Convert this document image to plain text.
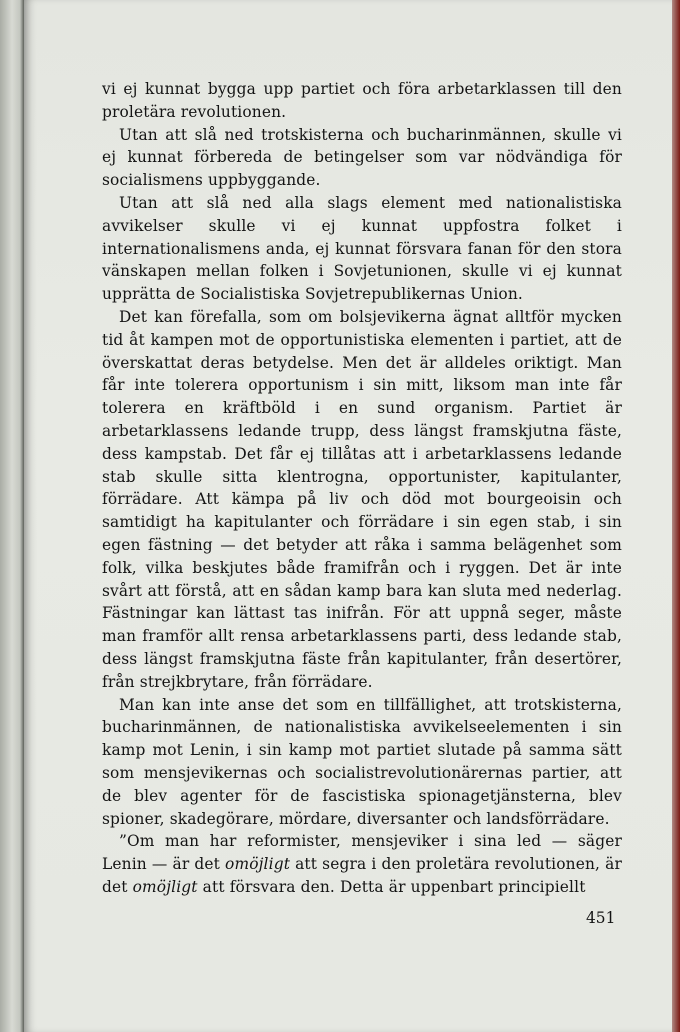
vi ej kunnat bygga upp partiet och föra arbetarklassen till den proletära revolutionen.

Utan att slå ned trotskisterna och bucharinmännen, skulle vi ej kunnat förbereda de betingelser som var nödvändiga för socialismens uppbyggande.

Utan att slå ned alla slags element med nationalistiska avvikelser skulle vi ej kunnat uppfostra folket i internationalismens anda, ej kunnat försvara fanan för den stora vänskapen mellan folken i Sovjetunionen, skulle vi ej kunnat upprätta de Socialistiska Sovjetrepublikernas Union.

Det kan förefalla, som om bolsjevikerna ägnat alltför mycken tid åt kampen mot de opportunistiska elementen i partiet, att de överskattat deras betydelse. Men det är alldeles oriktigt. Man får inte tolerera opportunism i sin mitt, liksom man inte får tolerera en kräftböld i en sund organism. Partiet är arbetarklassens ledande trupp, dess längst framskjutna fäste, dess kampstab. Det får ej tillåtas att i arbetarklassens ledande stab skulle sitta klentrogna, opportunister, kapitulanter, förrädare. Att kämpa på liv och död mot bourgeoisin och samtidigt ha kapitulanter och förrädare i sin egen stab, i sin egen fästning — det betyder att råka i samma belägenhet som folk, vilka beskjutes både framifrån och i ryggen. Det är inte svårt att förstå, att en sådan kamp bara kan sluta med nederlag. Fästningar kan lättast tas inifrån. För att uppnå seger, måste man framför allt rensa arbetarklassens parti, dess ledande stab, dess längst framskjutna fäste från kapitulanter, från desertörer, från strejkbrytare, från förrädare.

Man kan inte anse det som en tillfällighet, att trotskisterna, bucharinmännen, de nationalistiska avvikelseelementen i sin kamp mot Lenin, i sin kamp mot partiet slutade på samma sätt som mensjevikernas och socialistrevolutionärernas partier, att de blev agenter för de fascistiska spionagetjänsterna, blev spioner, skadegörare, mördare, diversanter och landsförrädare.

”Om man har reformister, mensjeviker i sina led — säger Lenin — är det omöjligt att segra i den proletära revolutionen, är det omöjligt att försvara den. Detta är uppenbart principiellt

451
